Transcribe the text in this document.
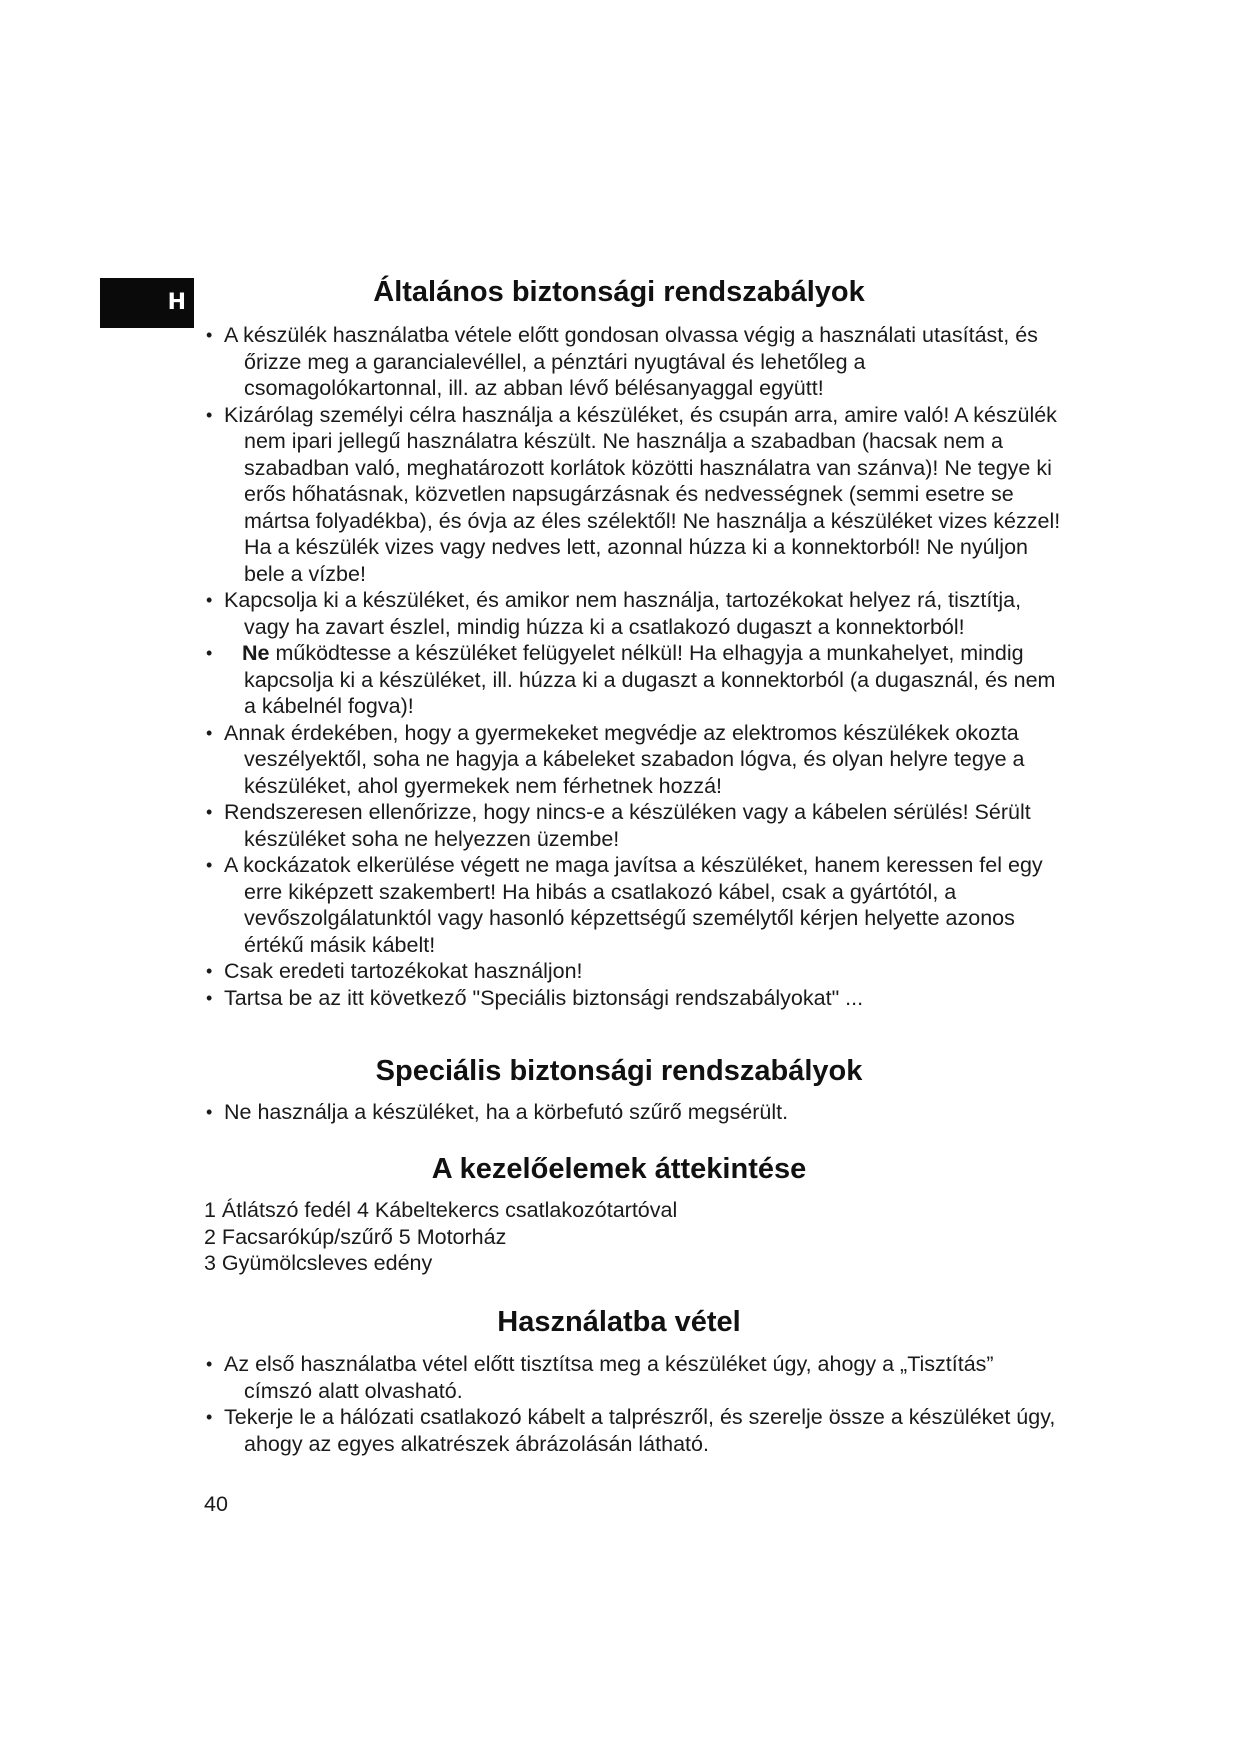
H	Általános biztonsági rendszabályok
• A készülék használatba vétele előtt gondosan olvassa végig a használati utasítást, és őrizze meg a garancialevéllel, a pénztári nyugtával és lehetőleg a csomagolókartonnal, ill. az abban lévő bélésanyaggal együtt!
• Kizárólag személyi célra használja a készüléket, és csupán arra, amire való! A készülék nem ipari jellegű használatra készült. Ne használja a szabadban (hacsak nem a szabadban való, meghatározott korlátok közötti használatra van szánva)! Ne tegye ki erős hőhatásnak, közvetlen napsugárzásnak és nedvességnek (semmi esetre se mártsa folyadékba), és óvja az éles szélektől! Ne használja a készüléket vizes kézzel! Ha a készülék vizes vagy nedves lett, azonnal húzza ki a konnektorból! Ne nyúljon bele a vízbe!
• Kapcsolja ki a készüléket, és amikor nem használja, tartozékokat helyez rá, tisztítja, vagy ha zavart észlel, mindig húzza ki a csatlakozó dugaszt a konnektorból!
• Ne működtesse a készüléket felügyelet nélkül! Ha elhagyja a munkahelyet, mindig kapcsolja ki a készüléket, ill. húzza ki a dugaszt a konnektorból (a dugasznál, és nem a kábelnél fogva)!
• Annak érdekében, hogy a gyermekeket megvédje az elektromos készülékek okozta veszélyektől, soha ne hagyja a kábeleket szabadon lógva, és olyan helyre tegye a készüléket, ahol gyermekek nem férhetnek hozzá!
• Rendszeresen ellenőrizze, hogy nincs-e a készüléken vagy a kábelen sérülés! Sérült készüléket soha ne helyezzen üzembe!
• A kockázatok elkerülése végett ne maga javítsa a készüléket, hanem keressen fel egy erre kiképzett szakembert! Ha hibás a csatlakozó kábel, csak a gyártótól, a vevőszolgálatunktól vagy hasonló képzettségű személytől kérjen helyette azonos értékű másik kábelt!
• Csak eredeti tartozékokat használjon!
• Tartsa be az itt következő "Speciális biztonsági rendszabályokat" ...
Speciális biztonsági rendszabályok
• Ne használja a készüléket, ha a körbefutó szűrő megsérült.
A kezelőelemek áttekintése
1 Átlátszó fedél 4 Kábeltekercs csatlakozótartóval
2 Facsarókúp/szűrő 5 Motorház
3 Gyümölcsleves edény
Használatba vétel
• Az első használatba vétel előtt tisztítsa meg a készüléket úgy, ahogy a „Tisztítás” címszó alatt olvasható.
• Tekerje le a hálózati csatlakozó kábelt a talprészről, és szerelje össze a készüléket úgy, ahogy az egyes alkatrészek ábrázolásán látható.
40
